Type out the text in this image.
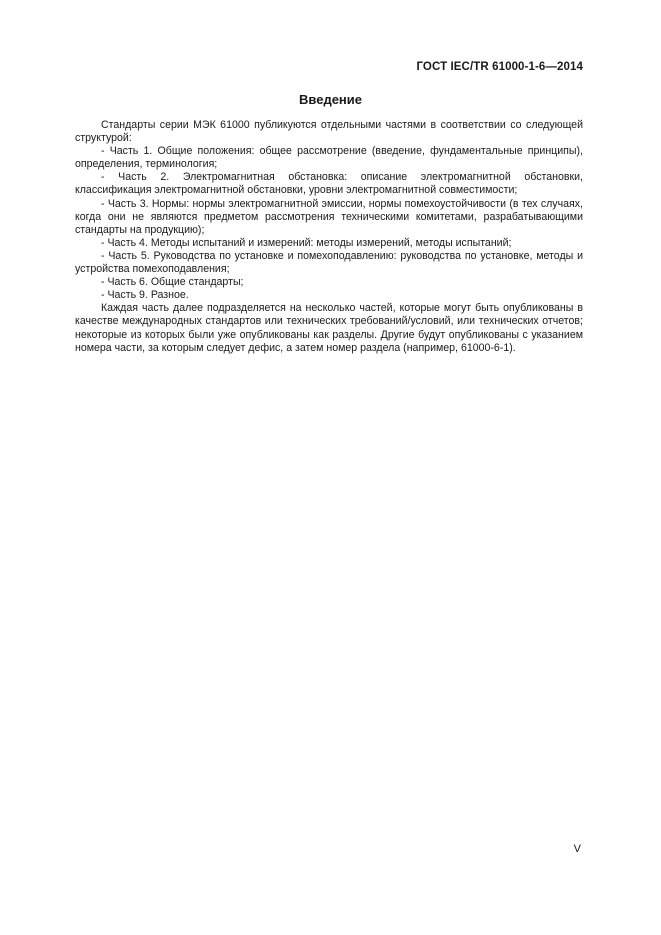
ГОСТ IEC/TR 61000-1-6—2014
Введение

Стандарты серии МЭК 61000 публикуются отдельными частями в соответствии со следующей структурой:

- Часть 1. Общие положения: общее рассмотрение (введение, фундаментальные принципы), определения, терминология;

- Часть 2. Электромагнитная обстановка: описание электромагнитной обстановки, классификация электромагнитной обстановки, уровни электромагнитной совместимости;

- Часть 3. Нормы: нормы электромагнитной эмиссии, нормы помехоустойчивости (в тех случаях, когда они не являются предметом рассмотрения техническими комитетами, разрабатывающими стандарты на продукцию);

- Часть 4. Методы испытаний и измерений: методы измерений, методы испытаний;

- Часть 5. Руководства по установке и помехоподавлению: руководства по установке, методы и устройства помехоподавления;

- Часть 6. Общие стандарты;

- Часть 9. Разное.

Каждая часть далее подразделяется на несколько частей, которые могут быть опубликованы в качестве международных стандартов или технических требований/условий, или технических отчетов; некоторые из которых были уже опубликованы как разделы. Другие будут опубликованы с указанием номера части, за которым следует дефис, а затем номер раздела (например, 61000-6-1).

V
